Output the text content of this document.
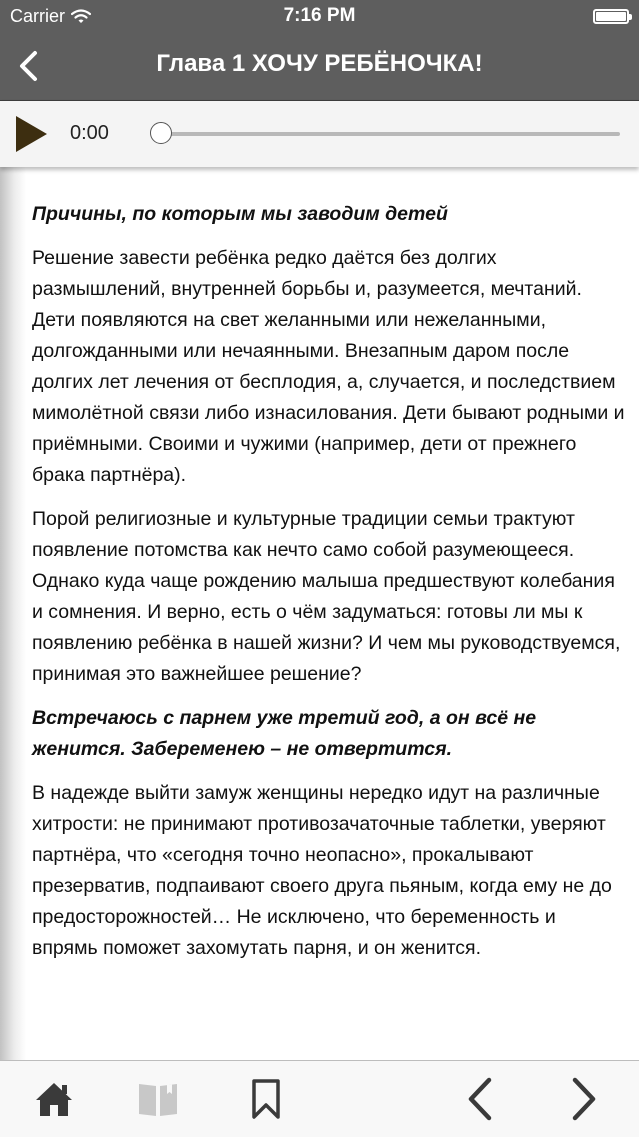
Carrier	7:16 PM
Глава 1 ХОЧУ РЕБЁНОЧКА!
0:00

Причины, по которым мы заводим детей

Решение завести ребёнка редко даётся без долгих размышлений, внутренней борьбы и, разумеется, мечтаний. Дети появляются на свет желанными или нежеланными, долгожданными или нечаянными. Внезапным даром после долгих лет лечения от бесплодия, а, случается, и последствием мимолётной связи либо изнасилования. Дети бывают родными и приёмными. Своими и чужими (например, дети от прежнего брака партнёра).

Порой религиозные и культурные традиции семьи трактуют появление потомства как нечто само собой разумеющееся. Однако куда чаще рождению малыша предшествуют колебания и сомнения. И верно, есть о чём задуматься: готовы ли мы к появлению ребёнка в нашей жизни? И чем мы руководствуемся, принимая это важнейшее решение?

Встречаюсь с парнем уже третий год, а он всё не женится. Забеременею – не отвертится.

В надежде выйти замуж женщины нередко идут на различные хитрости: не принимают противозачаточные таблетки, уверяют партнёра, что «сегодня точно неопасно», прокалывают презерватив, подпаивают своего друга пьяным, когда ему не до предосторожностей… Не исключено, что беременность и впрямь поможет захомутать парня, и он женится.
